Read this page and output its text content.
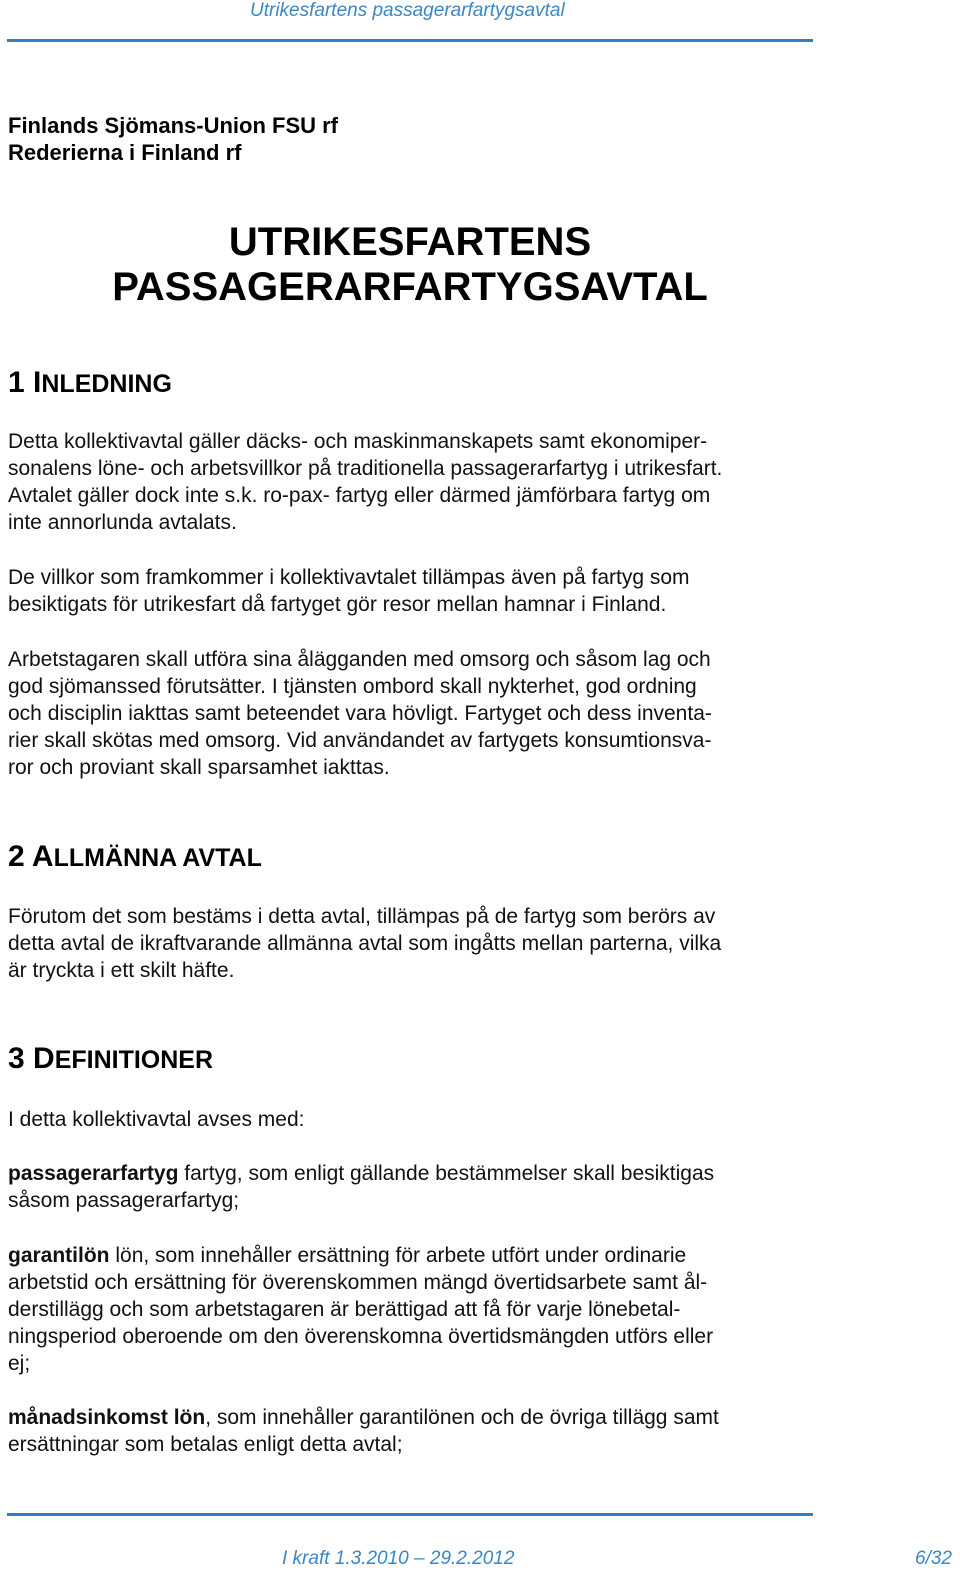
Utrikesfartens passagerarfartygsavtal
Finlands Sjömans-Union FSU rf
Rederierna i Finland rf
UTRIKESFARTENS
PASSAGERARFARTYGSAVTAL
1 INLEDNING

Detta kollektivavtal gäller däcks- och maskinmanskapets samt ekonomiper-

sonalens löne- och arbetsvillkor på traditionella passagerarfartyg i utrikesfart.

Avtalet gäller dock inte s.k. ro-pax- fartyg eller därmed jämförbara fartyg om

inte annorlunda avtalats.

De villkor som framkommer i kollektivavtalet tillämpas även på fartyg som

besiktigats för utrikesfart då fartyget gör resor mellan hamnar i Finland.

Arbetstagaren skall utföra sina ålägganden med omsorg och såsom lag och

god sjömanssed förutsätter. I tjänsten ombord skall nykterhet, god ordning

och disciplin iakttas samt beteendet vara hövligt. Fartyget och dess inventa-

rier skall skötas med omsorg. Vid användandet av fartygets konsumtionsva-

ror och proviant skall sparsamhet iakttas.

2 ALLMÄNNA AVTAL

Förutom det som bestäms i detta avtal, tillämpas på de fartyg som berörs av

detta avtal de ikraftvarande allmänna avtal som ingåtts mellan parterna, vilka

är tryckta i ett skilt häfte.

3 DEFINITIONER

I detta kollektivavtal avses med:

passagerarfartyg fartyg, som enligt gällande bestämmelser skall besiktigas

såsom passagerarfartyg;

garantilön lön, som innehåller ersättning för arbete utfört under ordinarie

arbetstid och ersättning för överenskommen mängd övertidsarbete samt ål-

derstillägg och som arbetstagaren är berättigad att få för varje lönebetal-

ningsperiod oberoende om den överenskomna övertidsmängden utförs eller

ej;

månadsinkomst lön, som innehåller garantilönen och de övriga tillägg samt

ersättningar som betalas enligt detta avtal;

I kraft 1.3.2010 – 29.2.2012	6/32
